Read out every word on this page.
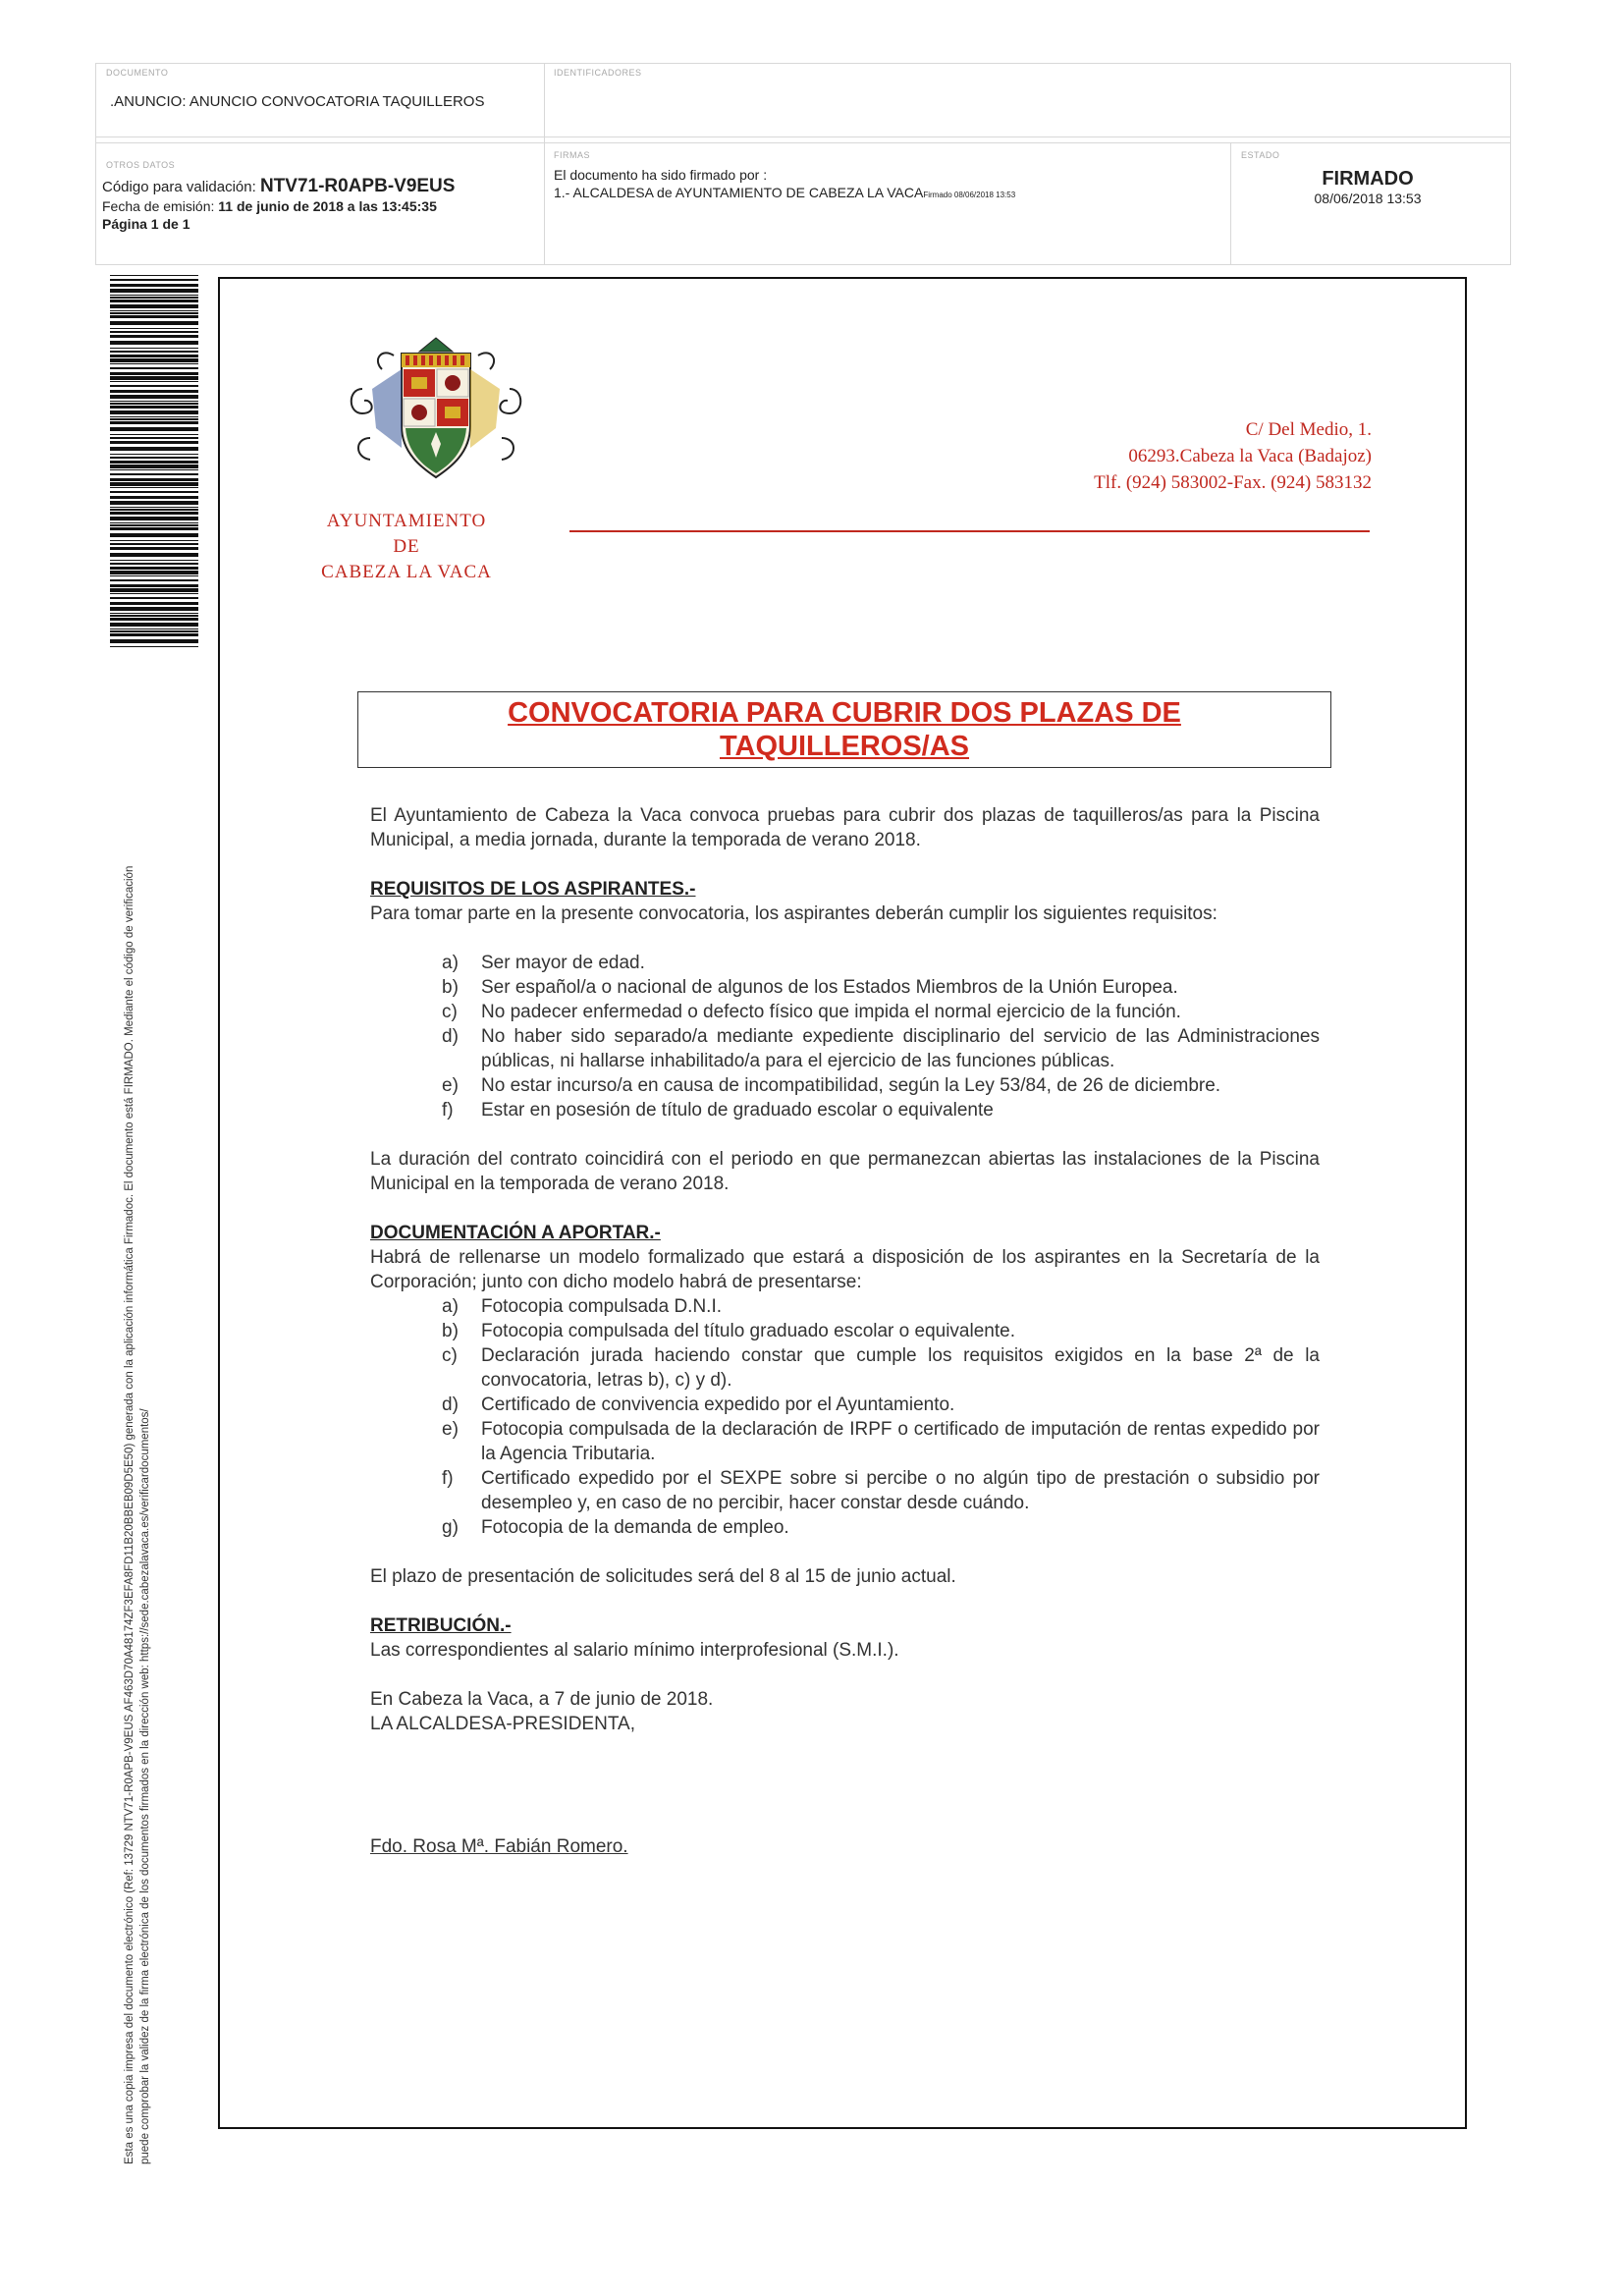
DOCUMENTO
.ANUNCIO: ANUNCIO CONVOCATORIA TAQUILLEROS
IDENTIFICADORES
OTROS DATOS
Código para validación: NTV71-R0APB-V9EUS
Fecha de emisión: 11 de junio de 2018 a las 13:45:35
Página 1 de 1
FIRMAS
El documento ha sido firmado por :
1.- ALCALDESA de AYUNTAMIENTO DE CABEZA LA VACAFirmado 08/06/2018 13:53
ESTADO
FIRMADO
08/06/2018 13:53
Esta es una copia impresa del documento electrónico (Ref: 13729 NTV71-R0APB-V9EUS AF463D70A48174ZF3EFA8FD11B20BBEB09D5E50) generada con la aplicación informática Firmadoc. El documento está FIRMADO. Mediante el código de verificación puede comprobar la validez de la firma electrónica de los documentos firmados en la dirección web: https://sede.cabezalavaca.es/verificardocumentos/
AYUNTAMIENTO
DE
CABEZA LA VACA
C/ Del Medio, 1.
06293.Cabeza la Vaca (Badajoz)
Tlf. (924) 583002-Fax. (924) 583132
CONVOCATORIA PARA CUBRIR DOS PLAZAS DE
TAQUILLEROS/AS

El Ayuntamiento de Cabeza la Vaca convoca pruebas para cubrir dos plazas de taquilleros/as para la Piscina Municipal, a media jornada, durante la temporada de verano 2018.

REQUISITOS DE LOS ASPIRANTES.-

Para tomar parte en la presente convocatoria, los aspirantes deberán cumplir los siguientes requisitos:

a) Ser mayor de edad.
b) Ser español/a o nacional de algunos de los Estados Miembros de la Unión Europea.
c) No padecer enfermedad o defecto físico que impida el normal ejercicio de la función.
d) No haber sido separado/a mediante expediente disciplinario del servicio de las Administraciones públicas, ni hallarse inhabilitado/a para el ejercicio de las funciones públicas.
e) No estar incurso/a en causa de incompatibilidad, según la Ley 53/84, de 26 de diciembre.
f) Estar en posesión de título de graduado escolar o equivalente

La duración del contrato coincidirá con el periodo en que permanezcan abiertas las instalaciones de la Piscina Municipal en la temporada de verano 2018.

DOCUMENTACIÓN A APORTAR.-

Habrá de rellenarse un modelo formalizado que estará a disposición de los aspirantes en la Secretaría de la Corporación; junto con dicho modelo habrá de presentarse:

a) Fotocopia compulsada D.N.I.
b) Fotocopia compulsada del título graduado escolar o equivalente.
c) Declaración jurada haciendo constar que cumple los requisitos exigidos en la base 2ª de la convocatoria, letras b), c) y d).
d) Certificado de convivencia expedido por el Ayuntamiento.
e) Fotocopia compulsada de la declaración de IRPF o certificado de imputación de rentas expedido por la Agencia Tributaria.
f) Certificado expedido por el SEXPE sobre si percibe o no algún tipo de prestación o subsidio por desempleo y, en caso de no percibir, hacer constar desde cuándo.
g) Fotocopia de la demanda de empleo.

El plazo de presentación de solicitudes será del 8 al 15 de junio actual.

RETRIBUCIÓN.-

Las correspondientes al salario mínimo interprofesional (S.M.I.).

En Cabeza la Vaca, a 7 de junio de 2018.

LA ALCALDESA-PRESIDENTA,

Fdo. Rosa Mª. Fabián Romero.
